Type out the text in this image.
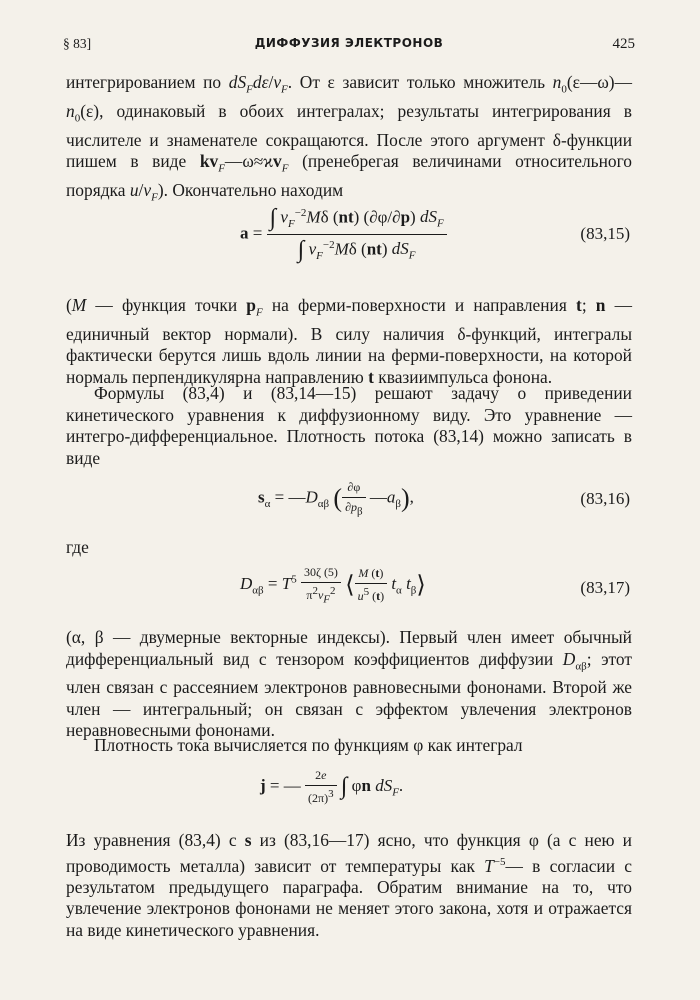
§ 83]	ДИФФУЗИЯ ЭЛЕКТРОНОВ	425

интегрированием по $dS_Fd\varepsilon/v_F$. От ε зависит только множитель $n_0(\varepsilon—\omega)—n_0(\varepsilon)$, одинаковый в обоих интегралах; результаты интегрирования в числителе и знаменателе сокращаются. После этого аргумент δ-функции пишем в виде $kv_F—\omega\approx ϰv_F$ (пренебрегая величинами относительного порядка $u/v_F$). Окончательно находим

$a = \frac{\int v_F^{-2}M\delta (nt) (\partial\varphi/\partial p) dS_F}{\int v_F^{-2}M\delta (nt) dS_F}$	(83,15)

(M — функция точки $p_F$ на ферми-поверхности и направления t; n — единичный вектор нормали). В силу наличия δ-функций, интегралы фактически берутся лишь вдоль линии на ферми-поверхности, на которой нормаль перпендикулярна направлению t квазиимпульса фонона.

Формулы (83,4) и (83,14—15) решают задачу о приведении кинетического уравнения к диффузионному виду. Это уравнение — интегро-дифференциальное. Плотность потока (83,14) можно записать в виде

$s_\alpha$ = $—D_{\alpha\beta}$ ( $\frac{\partial\varphi}{\partial p_\beta}$ $—a_\beta$),	(83,16)

где

$D_{\alpha\beta} = T^5 \frac{30\zeta (5)}{\pi^2v_F^2}$ ⟨ $\frac{M (t)}{u^5 (t)} t_\alpha$ $t_\beta⟩$	(83,17)

(α, β — двумерные векторные индексы). Первый член имеет обычный дифференциальный вид с тензором коэффициентов диффузии $D_{\alpha\beta}$; этот член связан с рассеянием электронов равновесными фононами. Второй же член — интегральный; он связан с эффектом увлечения электронов неравновесными фононами.

Плотность тока вычисляется по функциям φ как интеграл

j = — $\frac{2e}{(2\pi)^3}$ ∫ φn $dS_F$.

Из уравнения (83,4) с s из (83,16—17) ясно, что функция φ (а с нею и проводимость металла) зависит от температуры как $T^{-5}—$ в согласии с результатом предыдущего параграфа. Обратим внимание на то, что увлечение электронов фононами не меняет этого закона, хотя и отражается на виде кинетического уравнения.
